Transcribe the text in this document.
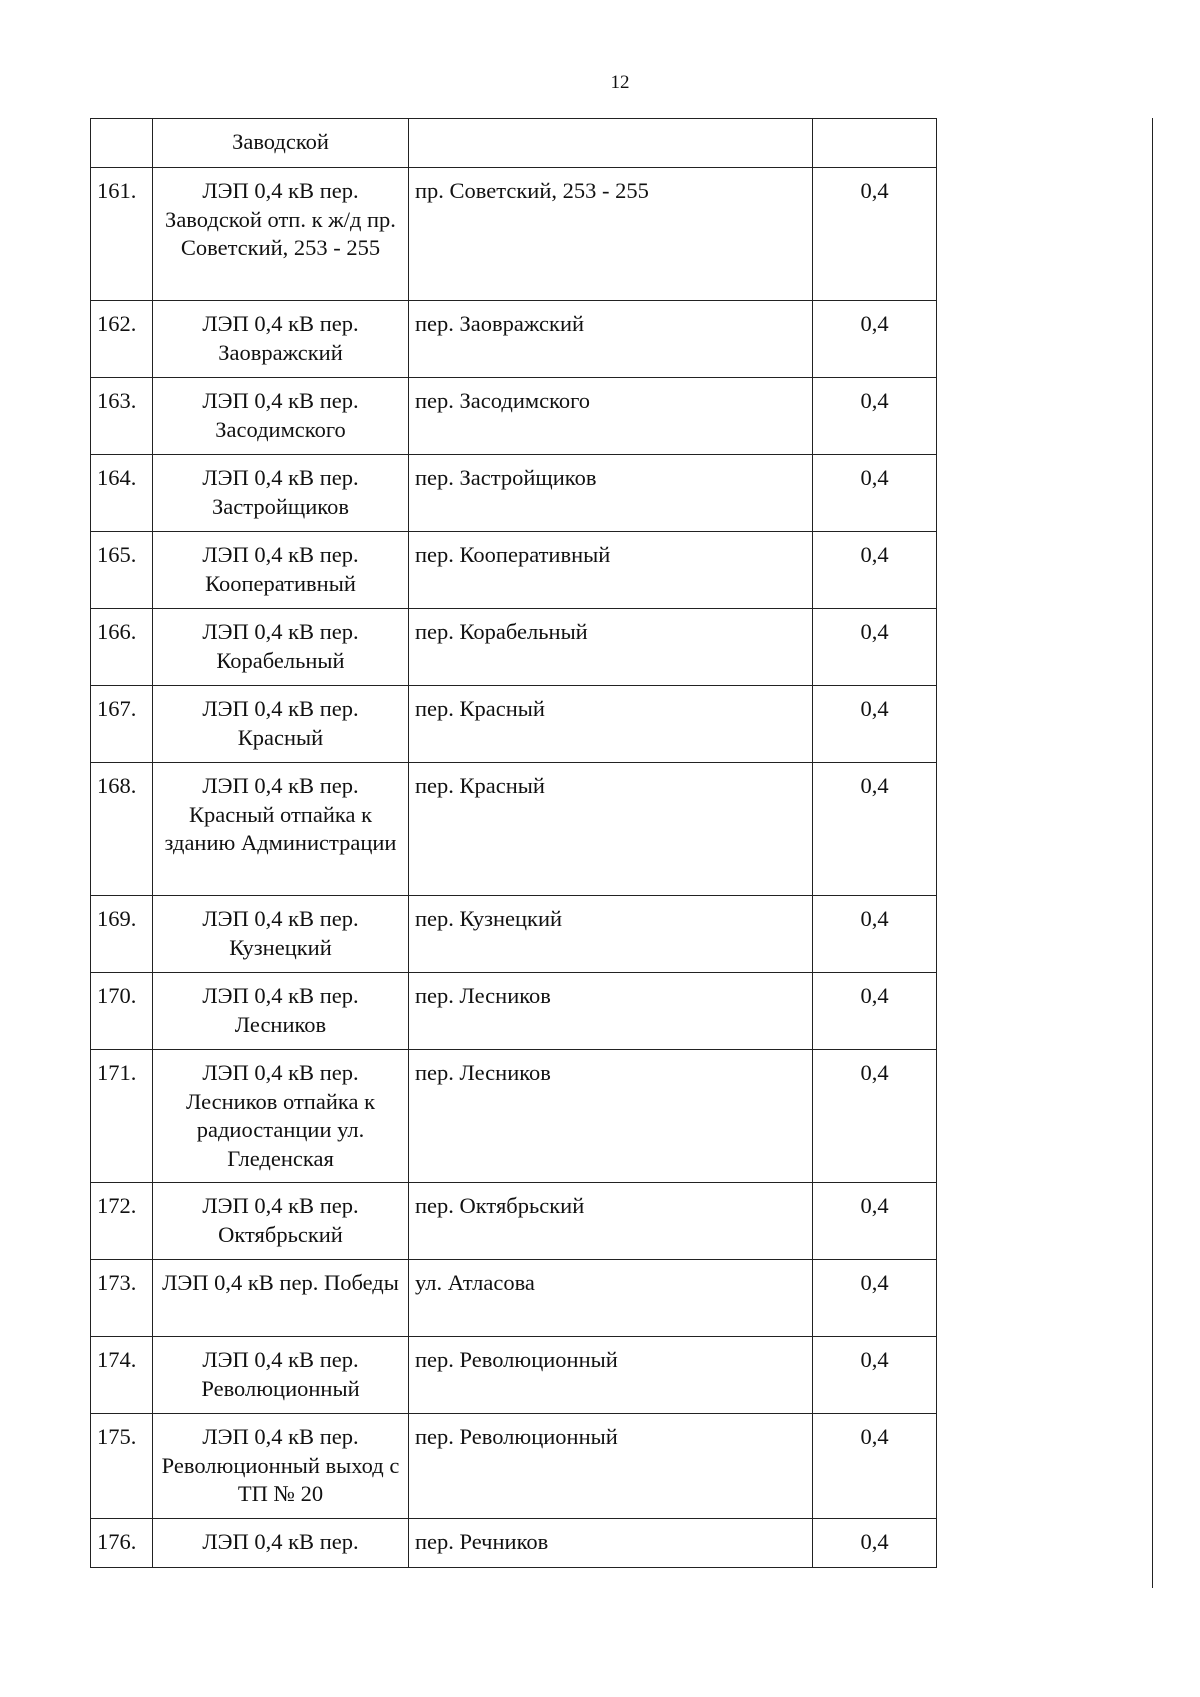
12
	Заводской		
161.	ЛЭП 0,4 кВ пер. Заводской отп. к ж/д пр. Советский, 253 - 255	пр. Советский, 253 - 255	0,4
162.	ЛЭП 0,4 кВ пер. Заовражский	пер. Заовражский	0,4
163.	ЛЭП 0,4 кВ пер. Засодимского	пер. Засодимского	0,4
164.	ЛЭП 0,4 кВ пер. Застройщиков	пер. Застройщиков	0,4
165.	ЛЭП 0,4 кВ пер. Кооперативный	пер. Кооперативный	0,4
166.	ЛЭП 0,4 кВ пер. Корабельный	пер. Корабельный	0,4
167.	ЛЭП 0,4 кВ пер. Красный	пер. Красный	0,4
168.	ЛЭП 0,4 кВ пер. Красный отпайка к зданию Администрации	пер. Красный	0,4
169.	ЛЭП 0,4 кВ пер. Кузнецкий	пер. Кузнецкий	0,4
170.	ЛЭП 0,4 кВ пер. Лесников	пер. Лесников	0,4
171.	ЛЭП 0,4 кВ пер. Лесников отпайка к радиостанции ул. Гледенская	пер. Лесников	0,4
172.	ЛЭП 0,4 кВ пер. Октябрьский	пер. Октябрьский	0,4
173.	ЛЭП 0,4 кВ пер. Победы	ул. Атласова	0,4
174.	ЛЭП 0,4 кВ пер. Революционный	пер. Революционный	0,4
175.	ЛЭП 0,4 кВ пер. Революционный выход с ТП № 20	пер. Революционный	0,4
176.	ЛЭП 0,4 кВ пер.	пер. Речников	0,4
